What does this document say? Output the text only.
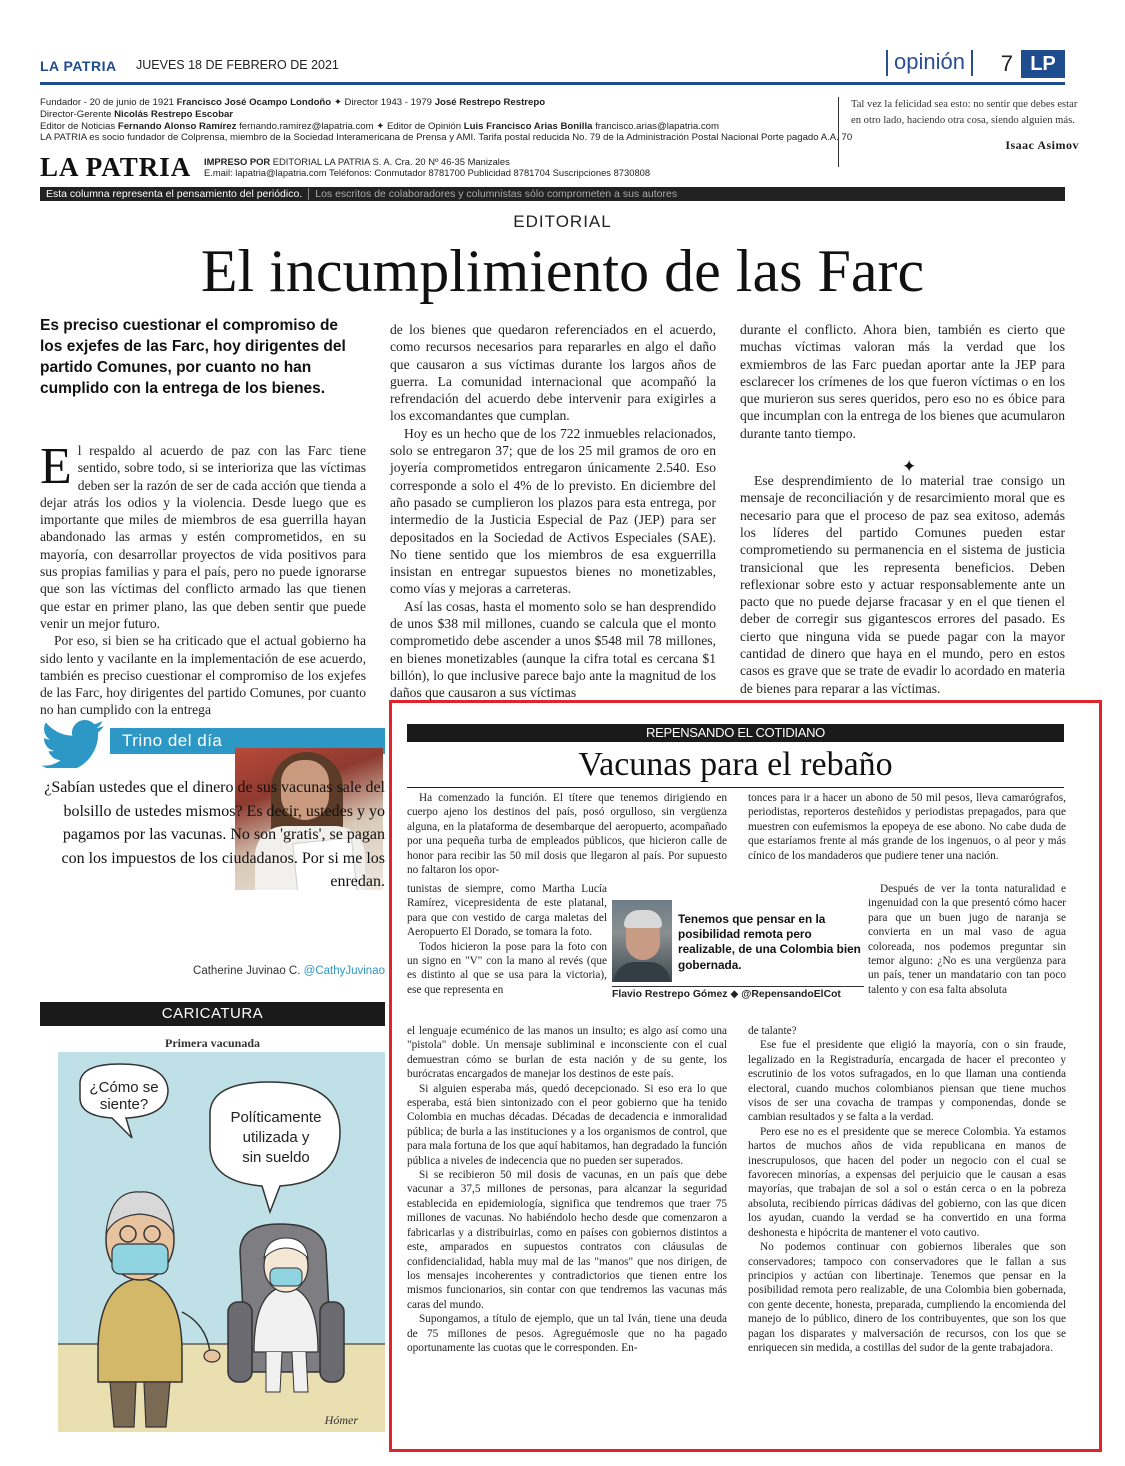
LA PATRIA JUEVES 18 DE FEBRERO DE 2021	opinión	7 LP
Fundador - 20 de junio de 1921 Francisco José Ocampo Londoño ✦ Director 1943 - 1979 José Restrepo Restrepo
Director-Gerente Nicolás Restrepo Escobar
Editor de Noticias Fernando Alonso Ramírez fernando.ramirez@lapatria.com ✦ Editor de Opinión Luis Francisco Arias Bonilla francisco.arias@lapatria.com
LA PATRIA es socio fundador de Colprensa, miembro de la Sociedad Interamericana de Prensa y AMI. Tarifa postal reducida No. 79 de la Administración Postal Nacional Porte pagado A.A. 70
LA PATRIA IMPRESO POR EDITORIAL LA PATRIA S. A. Cra. 20 Nº 46-35 Manizales
E.mail: lapatria@lapatria.com Teléfonos: Conmutador 8781700 Publicidad 8781704 Suscripciones 8730808
Tal vez la felicidad sea esto: no sentir que debes estar en otro lado, haciendo otra cosa, siendo alguien más.
Isaac Asimov
Esta columna representa el pensamiento del periódico. Los escritos de colaboradores y columnistas sólo comprometen a sus autores
EDITORIAL
El incumplimiento de las Farc
Es preciso cuestionar el compromiso de los exjefes de las Farc, hoy dirigentes del partido Comunes, por cuanto no han cumplido con la entrega de los bienes.

El respaldo al acuerdo de paz con las Farc tiene sentido, sobre todo, si se interioriza que las víctimas deben ser la razón de ser de cada acción que tienda a dejar atrás los odios y la violencia. Desde luego que es importante que miles de miembros de esa guerrilla hayan abandonado las armas y estén comprometidos, en su mayoría, con desarrollar proyectos de vida positivos para sus propias familias y para el país, pero no puede ignorarse que son las víctimas del conflicto armado las que tienen que estar en primer plano, las que deben sentir que puede venir un mejor futuro.

Por eso, si bien se ha criticado que el actual gobierno ha sido lento y vacilante en la implementación de ese acuerdo, también es preciso cuestionar el compromiso de los exjefes de las Farc, hoy dirigentes del partido Comunes, por cuanto no han cumplido con la entrega

de los bienes que quedaron referenciados en el acuerdo, como recursos necesarios para repararles en algo el daño que causaron a sus víctimas durante los largos años de guerra. La comunidad internacional que acompañó la refrendación del acuerdo debe intervenir para exigirles a los excomandantes que cumplan.

Hoy es un hecho que de los 722 inmuebles relacionados, solo se entregaron 37; que de los 25 mil gramos de oro en joyería comprometidos entregaron únicamente 2.540. Eso corresponde a solo el 4% de lo previsto. En diciembre del año pasado se cumplieron los plazos para esta entrega, por intermedio de la Justicia Especial de Paz (JEP) para ser depositados en la Sociedad de Activos Especiales (SAE). No tiene sentido que los miembros de esa exguerrilla insistan en entregar supuestos bienes no monetizables, como vías y mejoras a carreteras.

Así las cosas, hasta el momento solo se han desprendido de unos $38 mil millones, cuando se calcula que el monto comprometido debe ascender a unos $548 mil 78 millones, en bienes monetizables (aunque la cifra total es cercana $1 billón), lo que inclusive parece bajo ante la magnitud de los daños que causaron a sus víctimas

durante el conflicto. Ahora bien, también es cierto que muchas víctimas valoran más la verdad que los exmiembros de las Farc puedan aportar ante la JEP para esclarecer los crímenes de los que fueron víctimas o en los que murieron sus seres queridos, pero eso no es óbice para que incumplan con la entrega de los bienes que acumularon durante tanto tiempo.

Ese desprendimiento de lo material trae consigo un mensaje de reconciliación y de resarcimiento moral que es necesario para que el proceso de paz sea exitoso, además los líderes del partido Comunes pueden estar comprometiendo su permanencia en el sistema de justicia transicional que les representa beneficios. Deben reflexionar sobre esto y actuar responsablemente ante un pacto que no puede dejarse fracasar y en el que tienen el deber de corregir sus gigantescos errores del pasado. Es cierto que ninguna vida se puede pagar con la mayor cantidad de dinero que haya en el mundo, pero en estos casos es grave que se trate de evadir lo acordado en materia de bienes para reparar a las víctimas.

✦
Trino del día
¿Sabían ustedes que el dinero de sus vacunas sale del bolsillo de ustedes mismos? Es decir, ustedes y yo pagamos por las vacunas. No son 'gratis', se pagan con los impuestos de los ciudadanos. Por si me los enredan.
Catherine Juvinao C. @CathyJuvinao
CARICATURA
Primera vacunada
¿Cómo se siente?
Políticamente utilizada y sin sueldo
Hómer
REPENSANDO EL COTIDIANO
Vacunas para el rebaño

Ha comenzado la función. El títere que tenemos dirigiendo en cuerpo ajeno los destinos del país, posó orgulloso, sin vergüenza alguna, en la plataforma de desembarque del aeropuerto, acompañado por una pequeña turba de empleados públicos, que hicieron calle de honor para recibir las 50 mil dosis que llegaron al país. Por supuesto no faltaron los opor-

tunistas de siempre, como Martha Lucía Ramírez, vicepresidenta de este platanal, para que con vestido de carga maletas del Aeropuerto El Dorado, se tomara la foto.

Todos hicieron la pose para la foto con un signo en "V" con la mano al revés (que es distinto al que se usa para la victoria), ese que representa en

el lenguaje ecuménico de las manos un insulto; es algo así como una "pistola" doble. Un mensaje subliminal e inconsciente con el cual demuestran cómo se burlan de esta nación y de su gente, los burócratas encargados de manejar los destinos de este país.

Si alguien esperaba más, quedó decepcionado. Si eso era lo que esperaba, está bien sintonizado con el peor gobierno que ha tenido Colombia en muchas décadas. Décadas de decadencia e inmoralidad pública; de burla a las instituciones y a los organismos de control, que para mala fortuna de los que aquí habitamos, han degradado la función pública a niveles de indecencia que no pueden ser superados.

Si se recibieron 50 mil dosis de vacunas, en un país que debe vacunar a 37,5 millones de personas, para alcanzar la seguridad establecida en epidemiología, significa que tendremos que traer 75 millones de vacunas. No habiéndolo hecho desde que comenzaron a fabricarlas y a distribuirlas, como en países con gobiernos distintos a este, amparados en supuestos contratos con cláusulas de confidencialidad, habla muy mal de las "manos" que nos dirigen, de los mensajes incoherentes y contradictorios que tienen entre los mismos funcionarios, sin contar con que tendremos las vacunas más caras del mundo.

Supongamos, a título de ejemplo, que un tal Iván, tiene una deuda de 75 millones de pesos. Agreguémosle que no ha pagado oportunamente las cuotas que le corresponden. En-

Tenemos que pensar en la posibilidad remota pero realizable, de una Colombia bien gobernada.
Flavio Restrepo Gómez ◆ @RepensandoElCot

tonces para ir a hacer un abono de 50 mil pesos, lleva camarógrafos, periodistas, reporteros desteñidos y periodistas prepagados, para que muestren con eufemismos la epopeya de ese abono. No cabe duda de que estaríamos frente al más grande de los ingenuos, o al peor y más cínico de los mandaderos que pudiere tener una nación.

Después de ver la tonta naturalidad e ingenuidad con la que presentó cómo hacer para que un buen jugo de naranja se convierta en un mal vaso de agua coloreada, nos podemos preguntar sin temor alguno: ¿No es una vergüenza para un país, tener un mandatario con tan poco talento y con esa falta absoluta

de talante?

Ese fue el presidente que eligió la mayoría, con o sin fraude, legalizado en la Registraduría, encargada de hacer el preconteo y escrutinio de los votos sufragados, en lo que llaman una contienda electoral, cuando muchos colombianos piensan que tiene muchos visos de ser una covacha de trampas y componendas, donde se cambian resultados y se falta a la verdad.

Pero ese no es el presidente que se merece Colombia. Ya estamos hartos de muchos años de vida republicana en manos de inescrupulosos, que hacen del poder un negocio con el cual se favorecen minorías, a expensas del perjuicio que le causan a esas mayorías, que trabajan de sol a sol o están cerca o en la pobreza absoluta, recibiendo pírricas dádivas del gobierno, con las que dicen los ayudan, cuando la verdad se ha convertido en una forma deshonesta e hipócrita de mantener el voto cautivo.

No podemos continuar con gobiernos liberales que son conservadores; tampoco con conservadores que le fallan a sus principios y actúan con libertinaje. Tenemos que pensar en la posibilidad remota pero realizable, de una Colombia bien gobernada, con gente decente, honesta, preparada, cumpliendo la encomienda del manejo de lo público, dinero de los contribuyentes, que son los que pagan los disparates y malversación de recursos, con los que se enriquecen sin medida, a costillas del sudor de la gente trabajadora.
